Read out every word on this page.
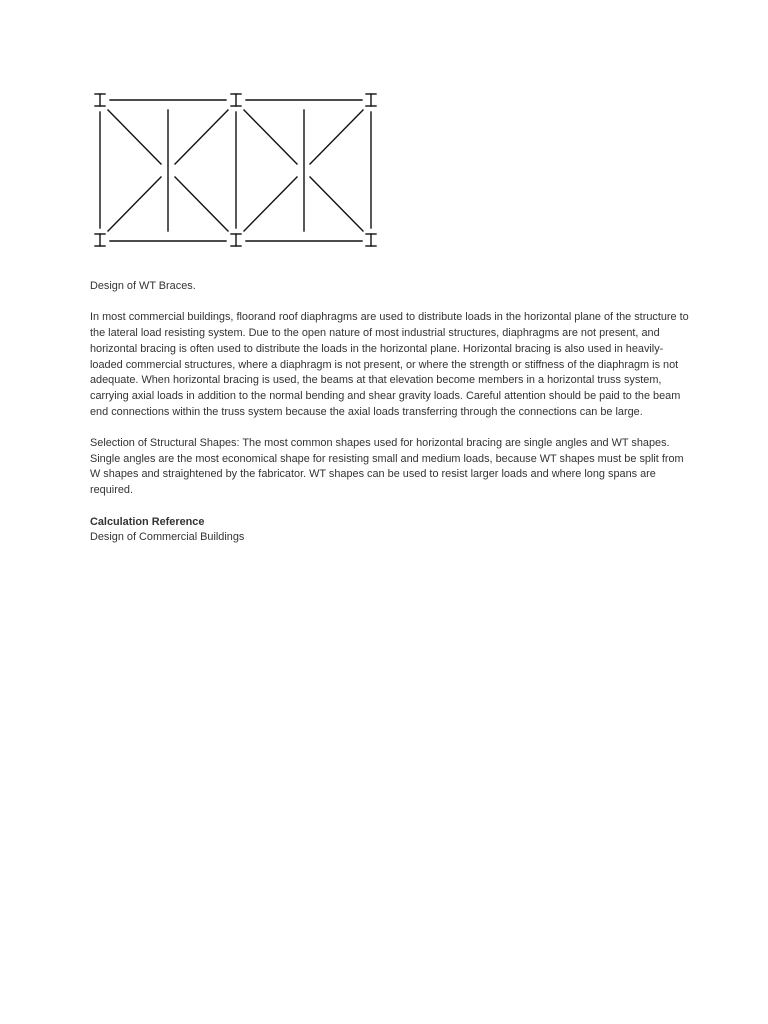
Design of WT Braces.

In most commercial buildings, floorand roof diaphragms are used to distribute loads in the horizontal plane of the structure to the lateral load resisting system. Due to the open nature of most industrial structures, diaphragms are not present, and horizontal bracing is often used to distribute the loads in the horizontal plane. Horizontal bracing is also used in heavily-loaded commercial structures, where a diaphragm is not present, or where the strength or stiffness of the diaphragm is not adequate. When horizontal bracing is used, the beams at that elevation become members in a horizontal truss system, carrying axial loads in addition to the normal bending and shear gravity loads. Careful attention should be paid to the beam end connections within the truss system because the axial loads transferring through the connections can be large.

Selection of Structural Shapes: The most common shapes used for horizontal bracing are single angles and WT shapes. Single angles are the most economical shape for resisting small and medium loads, because WT shapes must be split from W shapes and straightened by the fabricator. WT shapes can be used to resist larger loads and where long spans are required.

Calculation Reference

Design of Commercial Buildings
